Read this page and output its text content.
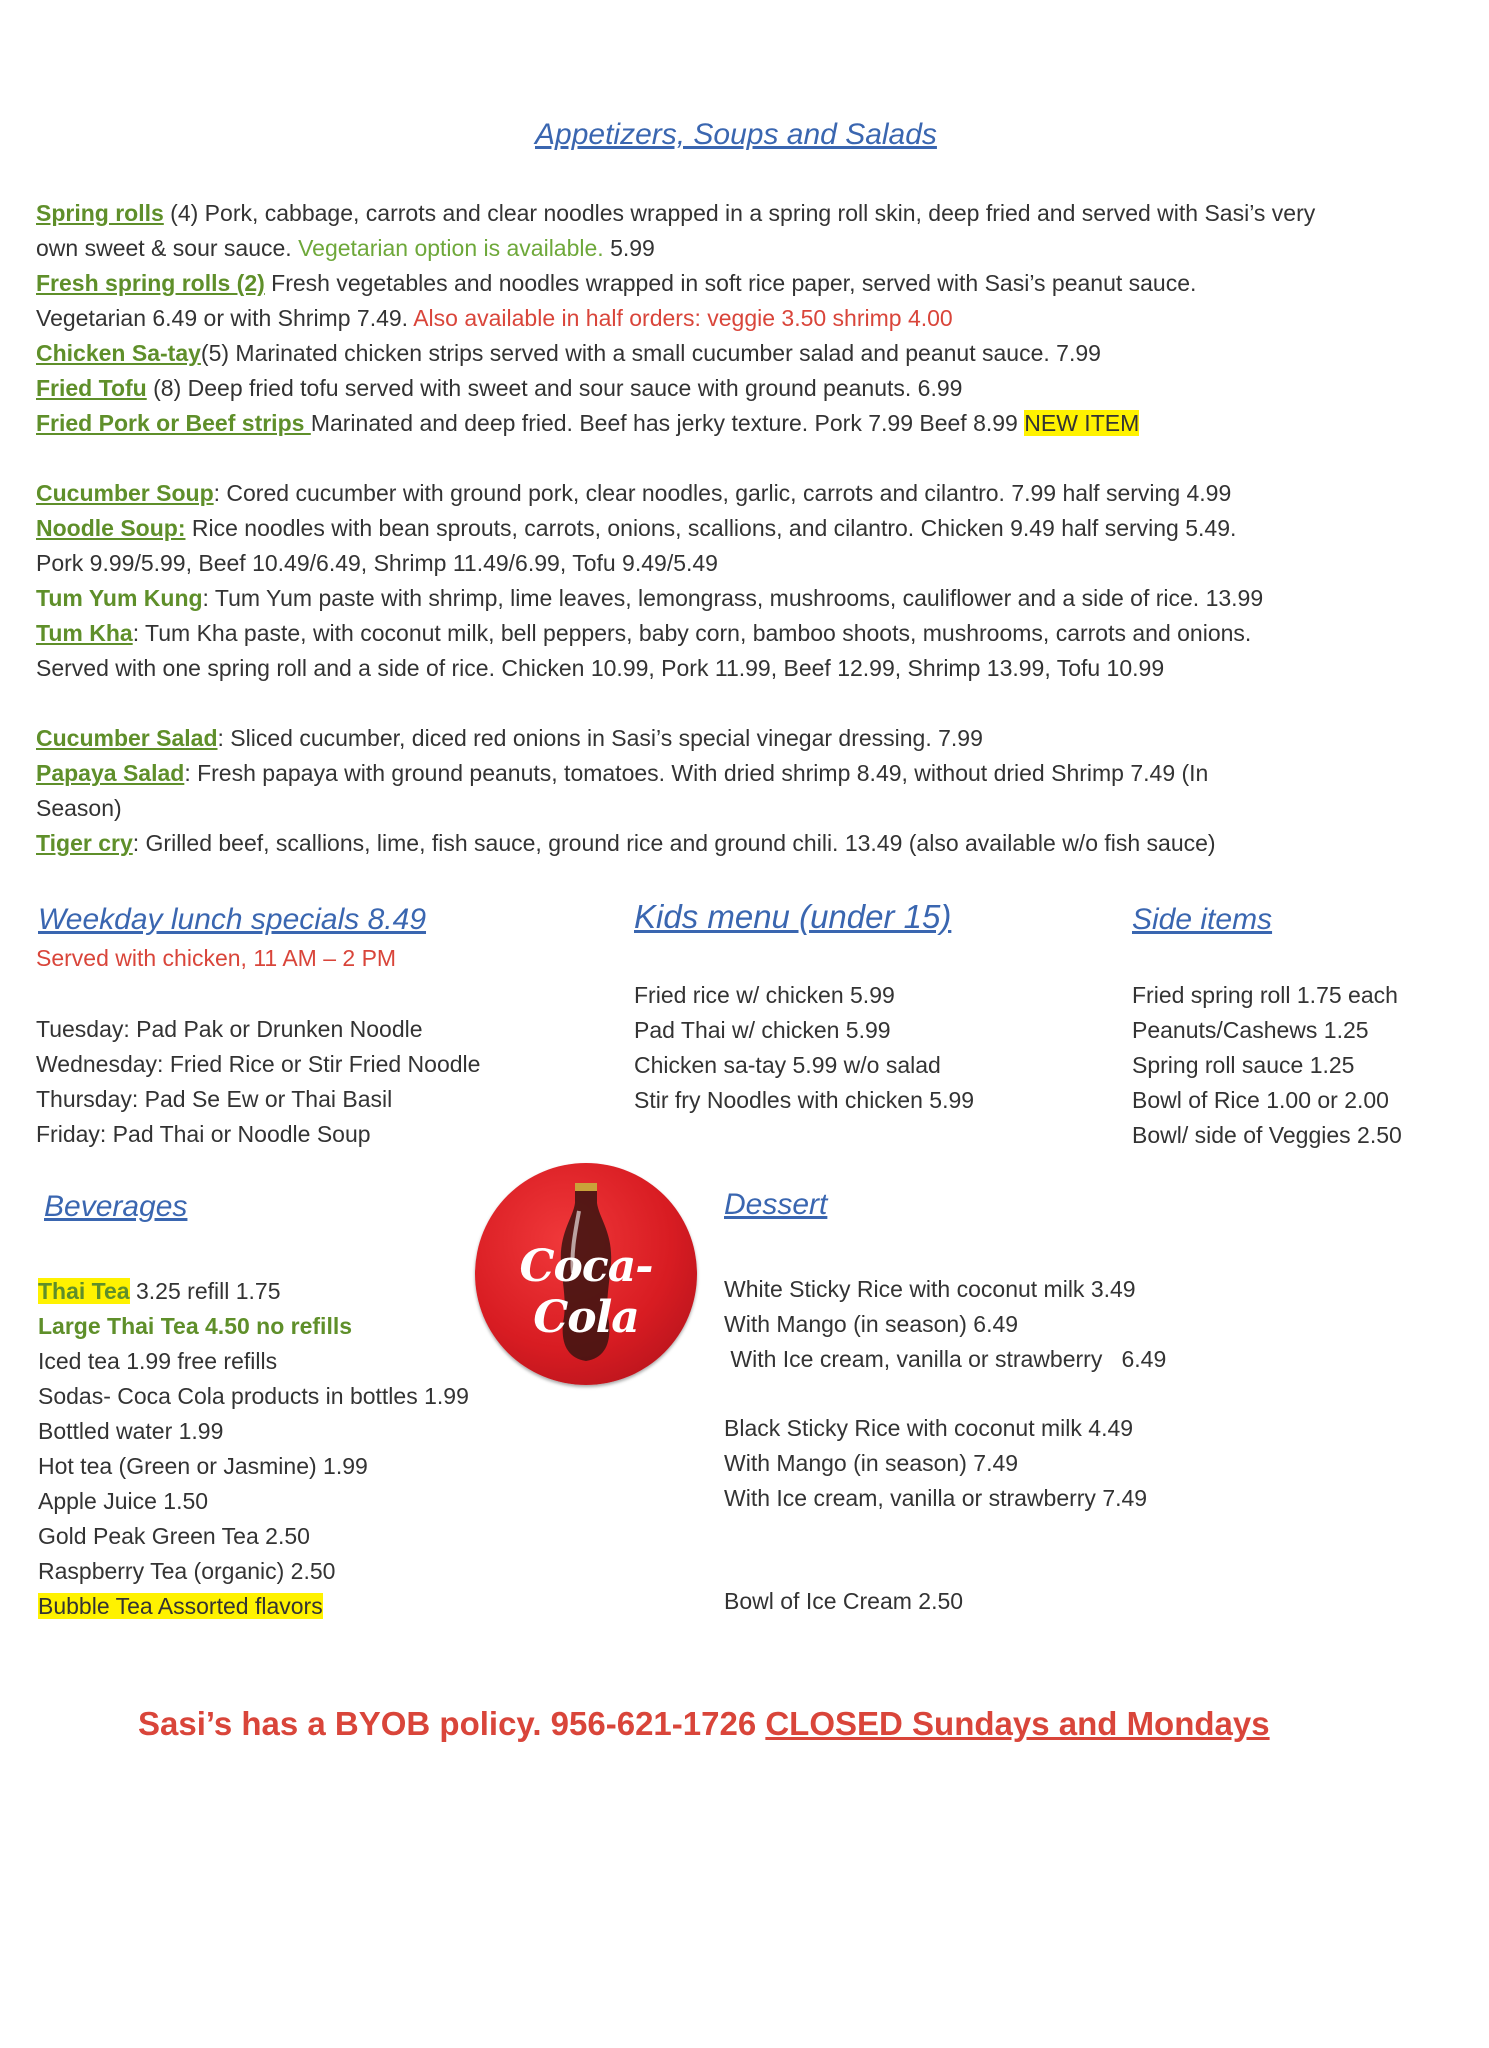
Appetizers, Soups and Salads
Spring rolls (4) Pork, cabbage, carrots and clear noodles wrapped in a spring roll skin, deep fried and served with Sasi’s very
own sweet & sour sauce. Vegetarian option is available. 5.99
Fresh spring rolls (2) Fresh vegetables and noodles wrapped in soft rice paper, served with Sasi’s peanut sauce.
Vegetarian 6.49 or with Shrimp 7.49. Also available in half orders: veggie 3.50 shrimp 4.00
Chicken Sa-tay(5) Marinated chicken strips served with a small cucumber salad and peanut sauce. 7.99
Fried Tofu (8) Deep fried tofu served with sweet and sour sauce with ground peanuts. 6.99
Fried Pork or Beef strips Marinated and deep fried. Beef has jerky texture. Pork 7.99 Beef 8.99 NEW ITEM
Cucumber Soup: Cored cucumber with ground pork, clear noodles, garlic, carrots and cilantro. 7.99 half serving 4.99
Noodle Soup: Rice noodles with bean sprouts, carrots, onions, scallions, and cilantro. Chicken 9.49 half serving 5.49.
Pork 9.99/5.99, Beef 10.49/6.49, Shrimp 11.49/6.99, Tofu 9.49/5.49
Tum Yum Kung: Tum Yum paste with shrimp, lime leaves, lemongrass, mushrooms, cauliflower and a side of rice. 13.99
Tum Kha: Tum Kha paste, with coconut milk, bell peppers, baby corn, bamboo shoots, mushrooms, carrots and onions.
Served with one spring roll and a side of rice. Chicken 10.99, Pork 11.99, Beef 12.99, Shrimp 13.99, Tofu 10.99
Cucumber Salad: Sliced cucumber, diced red onions in Sasi’s special vinegar dressing. 7.99
Papaya Salad: Fresh papaya with ground peanuts, tomatoes. With dried shrimp 8.49, without dried Shrimp 7.49 (In
Season)
Tiger cry: Grilled beef, scallions, lime, fish sauce, ground rice and ground chili. 13.49 (also available w/o fish sauce)
Weekday lunch specials 8.49
Served with chicken, 11 AM – 2 PM
Tuesday: Pad Pak or Drunken Noodle
Wednesday: Fried Rice or Stir Fried Noodle
Thursday: Pad Se Ew or Thai Basil
Friday: Pad Thai or Noodle Soup
Kids menu (under 15)
Fried rice w/ chicken 5.99
Pad Thai w/ chicken 5.99
Chicken sa-tay 5.99 w/o salad
Stir fry Noodles with chicken 5.99
Side items
Fried spring roll 1.75 each
Peanuts/Cashews 1.25
Spring roll sauce 1.25
Bowl of Rice 1.00 or 2.00
Bowl/ side of Veggies 2.50
Beverages
Thai Tea 3.25 refill 1.75
Large Thai Tea 4.50 no refills
Iced tea 1.99 free refills
Sodas- Coca Cola products in bottles 1.99
Bottled water 1.99
Hot tea (Green or Jasmine) 1.99
Apple Juice 1.50
Gold Peak Green Tea 2.50
Raspberry Tea (organic) 2.50
Bubble Tea Assorted flavors
Coca-Cola
Dessert
White Sticky Rice with coconut milk 3.49
With Mango (in season) 6.49
With Ice cream, vanilla or strawberry   6.49
Black Sticky Rice with coconut milk 4.49
With Mango (in season) 7.49
With Ice cream, vanilla or strawberry 7.49
Bowl of Ice Cream 2.50
Sasi’s has a BYOB policy. 956-621-1726 CLOSED Sundays and Mondays
